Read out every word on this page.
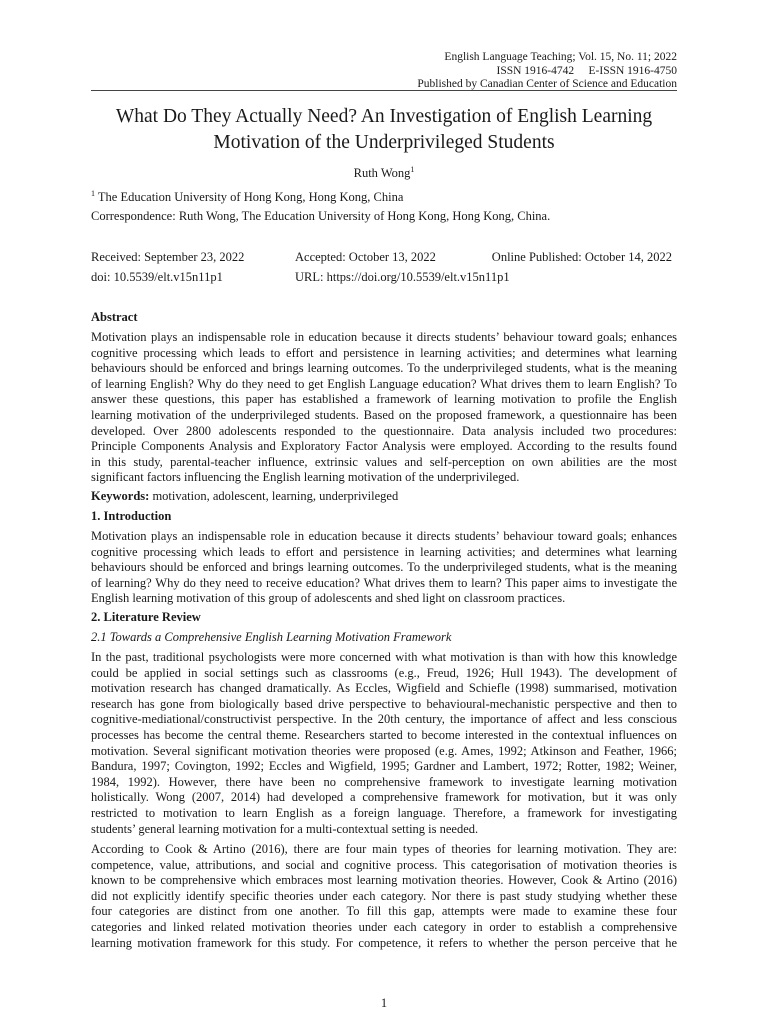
English Language Teaching; Vol. 15, No. 11; 2022
ISSN 1916-4742     E-ISSN 1916-4750
Published by Canadian Center of Science and Education
What Do They Actually Need? An Investigation of English Learning
Motivation of the Underprivileged Students
Ruth Wong$^1$
$^1$ The Education University of Hong Kong, Hong Kong, China
Correspondence: Ruth Wong, The Education University of Hong Kong, Hong Kong, China.
Received: September 23, 2022	Accepted: October 13, 2022	Online Published: October 14, 2022
doi: 10.5539/elt.v15n11p1	URL: https://doi.org/10.5539/elt.v15n11p1
Abstract
Motivation plays an indispensable role in education because it directs students’ behaviour toward goals; enhances
cognitive processing which leads to effort and persistence in learning activities; and determines what learning
behaviours should be enforced and brings learning outcomes. To the underprivileged students, what is the meaning
of learning English? Why do they need to get English Language education? What drives them to learn English? To
answer these questions, this paper has established a framework of learning motivation to profile the English
learning motivation of the underprivileged students. Based on the proposed framework, a questionnaire has been
developed. Over 2800 adolescents responded to the questionnaire. Data analysis included two procedures:
Principle Components Analysis and Exploratory Factor Analysis were employed. According to the results found
in this study, parental-teacher influence, extrinsic values and self-perception on own abilities are the most
significant factors influencing the English learning motivation of the underprivileged.
Keywords: motivation, adolescent, learning, underprivileged
1. Introduction
Motivation plays an indispensable role in education because it directs students’ behaviour toward goals; enhances
cognitive processing which leads to effort and persistence in learning activities; and determines what learning
behaviours should be enforced and brings learning outcomes. To the underprivileged students, what is the meaning
of learning? Why do they need to receive education? What drives them to learn? This paper aims to investigate the
English learning motivation of this group of adolescents and shed light on classroom practices.
2. Literature Review
2.1 Towards a Comprehensive English Learning Motivation Framework
In the past, traditional psychologists were more concerned with what motivation is than with how this knowledge
could be applied in social settings such as classrooms (e.g., Freud, 1926; Hull 1943). The development of
motivation research has changed dramatically. As Eccles, Wigfield and Schiefle (1998) summarised, motivation
research has gone from biologically based drive perspective to behavioural-mechanistic perspective and then to
cognitive-mediational/constructivist perspective. In the 20th century, the importance of affect and less conscious
processes has become the central theme. Researchers started to become interested in the contextual influences on
motivation. Several significant motivation theories were proposed (e.g. Ames, 1992; Atkinson and Feather, 1966;
Bandura, 1997; Covington, 1992; Eccles and Wigfield, 1995; Gardner and Lambert, 1972; Rotter, 1982; Weiner,
1984, 1992). However, there have been no comprehensive framework to investigate learning motivation
holistically. Wong (2007, 2014) had developed a comprehensive framework for motivation, but it was only
restricted to motivation to learn English as a foreign language. Therefore, a framework for investigating
students’ general learning motivation for a multi-contextual setting is needed.
According to Cook & Artino (2016), there are four main types of theories for learning motivation. They are:
competence, value, attributions, and social and cognitive process. This categorisation of motivation theories is
known to be comprehensive which embraces most learning motivation theories. However, Cook & Artino (2016)
did not explicitly identify specific theories under each category. Nor there is past study studying whether these
four categories are distinct from one another. To fill this gap, attempts were made to examine these four
categories and linked related motivation theories under each category in order to establish a comprehensive
learning motivation framework for this study. For competence, it refers to whether the person perceive that he
1
